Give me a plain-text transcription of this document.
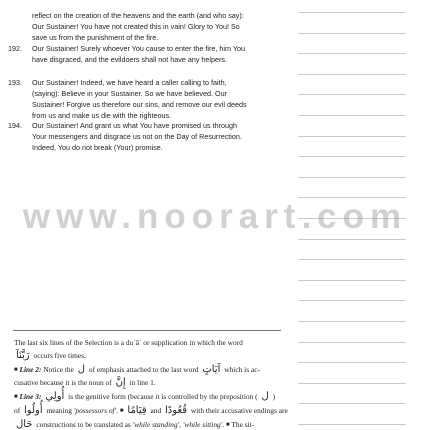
reflect on the creation of the heavens and the earth (and who say):
Our Sustainer! You have not created this in vain! Glory to You! So
save us from the punishment of the fire.
192.	Our Sustainer! Surely whoever You cause to enter the fire, him You
have disgraced, and the evildoers shall not have any helpers.
193.	Our Sustainer! Indeed, we have heard a caller calling to faith,
(saying): Believe in your Sustainer. So we have believed. Our
Sustainer! Forgive us therefore our sins, and remove our evil deeds
from us and make us die with the righteous.
194.	Our Sustainer! And grant us what You have promised us through
Your messengers and disgrace us not on the Day of Resurrection.
Indeed, You do not break (Your) promise.
www.noorart.com
The last six lines of the Selection is a duʿāʾ or supplication in which the word
رَبَّنَآ occurs five times.
■ Line 2: Notice the ل of emphasis attached to the last word آيَاتٍ which is ac-
cusative because it is the noun of إِنَّ in line 1.
■ Line 3: أُولِي is the genitive form (because it is controlled by the preposition ( ل )
of أُولُوا meaning 'possessors of'. ■ قِيَامًا and قُعُودًا with their accusative endings are
حَال constructions to be translated as 'while standing', 'while sitting'. ■ The sit-
